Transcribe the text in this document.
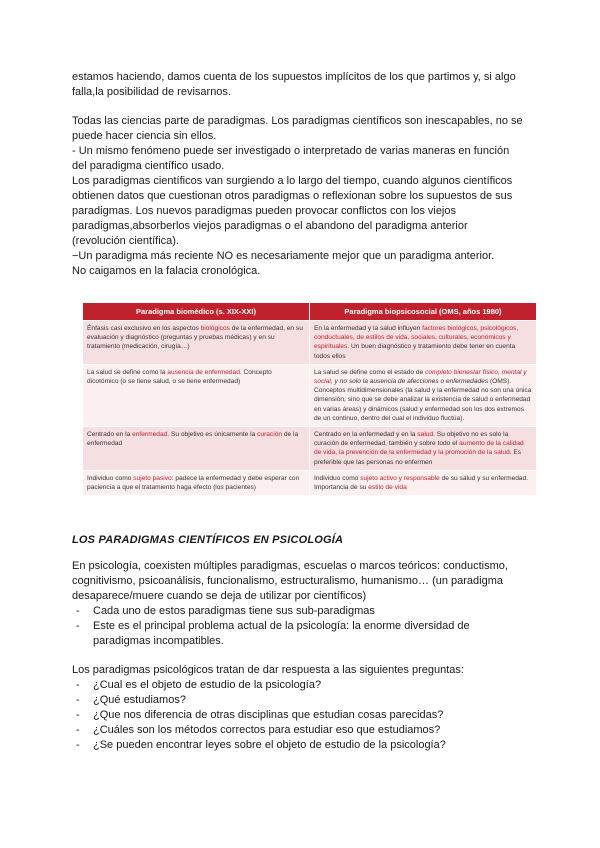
estamos haciendo, damos cuenta de los supuestos implícitos de los que partimos y, si algo

falla,la posibilidad de revisarnos.

Todas las ciencias parte de paradigmas. Los paradigmas científicos son inescapables, no se

puede hacer ciencia sin ellos.

- Un mismo fenómeno puede ser investigado o interpretado de varias maneras en función

del paradigma científico usado.

Los paradigmas científicos van surgiendo a lo largo del tiempo, cuando algunos científicos

obtienen datos que cuestionan otros paradigmas o reflexionan sobre los supuestos de sus

paradigmas. Los nuevos paradigmas pueden provocar conflictos con los viejos

paradigmas,absorberlos viejos paradigmas o el abandono del paradigma anterior

(revolución científica).

−Un paradigma más reciente NO es necesariamente mejor que un paradigma anterior.

No caigamos en la falacia cronológica.

Paradigma biomédico (s. XIX-XXI)	Paradigma biopsicosocial (OMS, años 1980)
Énfasis casi exclusivo en los aspectos biológicos de la enfermedad, en su evaluación y diagnóstico (preguntas y pruebas médicas) y en su tratamiento (medicación, cirugía…)	En la enfermedad y la salud influyen factores biológicos, psicológicos, conductuales, de estilos de vida, sociales, culturales, económicos y espirituales. Un buen diagnóstico y tratamiento debe tener en cuenta todos ellos
La salud se define como la ausencia de enfermedad. Concepto dicotómico (o se tiene salud, o se tiene enfermedad)	La salud se define como el estado de completo bienestar físico, mental y social, y no solo la ausencia de afecciones o enfermedades (OMS). Conceptos multidimensionales (la salud y la enfermedad no son una única dimensión, sino que se debe analizar la existencia de salud o enfermedad en varias áreas) y dinámicos (salud y enfermedad son los dos extremos de un continuo, dentro del cual el individuo fluctúa).
Centrado en la enfermedad. Su objetivo es únicamente la curación de la enfermedad	Centrado en la enfermedad y en la salud. Su objetivo no es solo la curación de enfermedad, también y sobre todo el aumento de la calidad de vida, la prevención de la enfermedad y la promoción de la salud. Es preferible que las personas no enfermen
Individuo como sujeto pasivo: padece la enfermedad y debe esperar con paciencia a que el tratamiento haga efecto (los pacientes)	Individuo como sujeto activo y responsable de su salud y su enfermedad. Importancia de su estilo de vida
LOS PARADIGMAS CIENTÍFICOS EN PSICOLOGÍA

En psicología, coexisten múltiples paradigmas, escuelas o marcos teóricos: conductismo,

cognitivismo, psicoanálisis, funcionalismo, estructuralismo, humanismo… (un paradigma

desaparece/muere cuando se deja de utilizar por científicos)

- Cada uno de estos paradigmas tiene sus sub-paradigmas
- Este es el principal problema actual de la psicología: la enorme diversidad de
paradigmas incompatibles.

Los paradigmas psicológicos tratan de dar respuesta a las siguientes preguntas:

- ¿Cual es el objeto de estudio de la psicología?
- ¿Qué estudiamos?
- ¿Que nos diferencia de otras disciplinas que estudian cosas parecidas?
- ¿Cuáles son los métodos correctos para estudiar eso que estudiamos?
- ¿Se pueden encontrar leyes sobre el objeto de estudio de la psicología?
